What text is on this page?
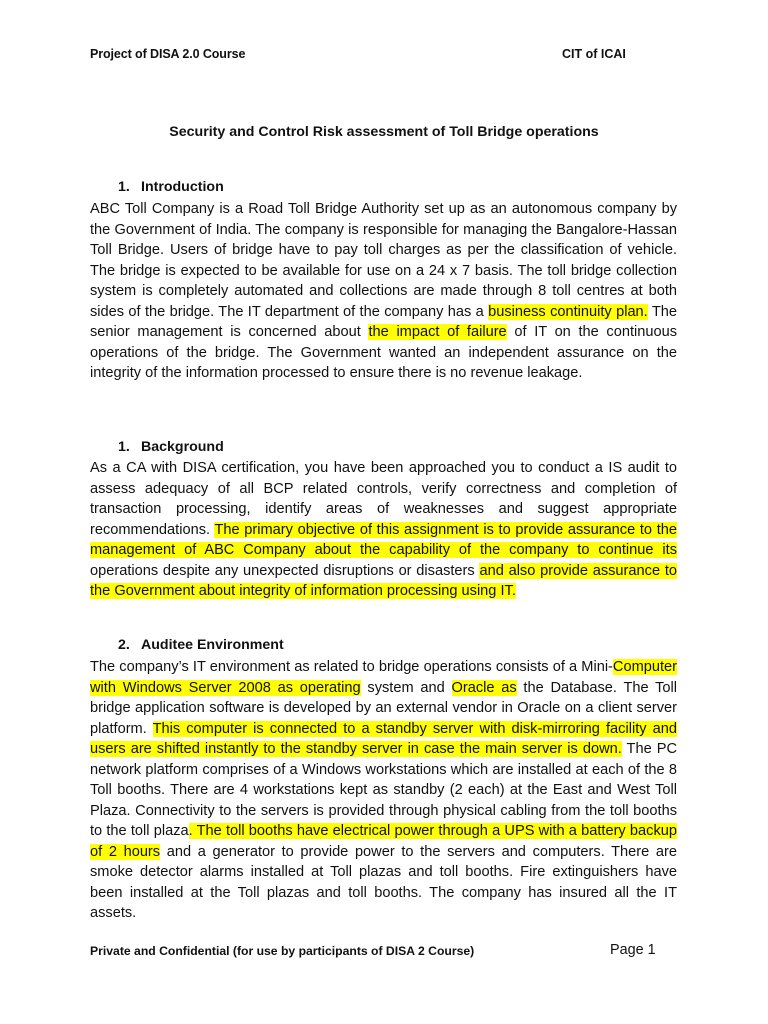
Project of DISA 2.0 Course	CIT of ICAI
Security and Control Risk assessment of Toll Bridge operations
1. Introduction
ABC Toll Company is a Road Toll Bridge Authority set up as an autonomous company by the Government of India. The company is responsible for managing the Bangalore-Hassan Toll Bridge. Users of bridge have to pay toll charges as per the classification of vehicle. The bridge is expected to be available for use on a 24 x 7 basis. The toll bridge collection system is completely automated and collections are made through 8 toll centres at both sides of the bridge. The IT department of the company has a business continuity plan. The senior management is concerned about the impact of failure of IT on the continuous operations of the bridge. The Government wanted an independent assurance on the integrity of the information processed to ensure there is no revenue leakage.
1. Background
As a CA with DISA certification, you have been approached you to conduct a IS audit to assess adequacy of all BCP related controls, verify correctness and completion of transaction processing, identify areas of weaknesses and suggest appropriate recommendations. The primary objective of this assignment is to provide assurance to the management of ABC Company about the capability of the company to continue its operations despite any unexpected disruptions or disasters and also provide assurance to the Government about integrity of information processing using IT.
2. Auditee Environment
The company’s IT environment as related to bridge operations consists of a Mini-Computer with Windows Server 2008 as operating system and Oracle as the Database. The Toll bridge application software is developed by an external vendor in Oracle on a client server platform. This computer is connected to a standby server with disk-mirroring facility and users are shifted instantly to the standby server in case the main server is down. The PC network platform comprises of a Windows workstations which are installed at each of the 8 Toll booths. There are 4 workstations kept as standby (2 each) at the East and West Toll Plaza. Connectivity to the servers is provided through physical cabling from the toll booths to the toll plaza. The toll booths have electrical power through a UPS with a battery backup of 2 hours and a generator to provide power to the servers and computers. There are smoke detector alarms installed at Toll plazas and toll booths. Fire extinguishers have been installed at the Toll plazas and toll booths. The company has insured all the IT assets.
Private and Confidential (for use by participants of DISA 2 Course)	Page 1
